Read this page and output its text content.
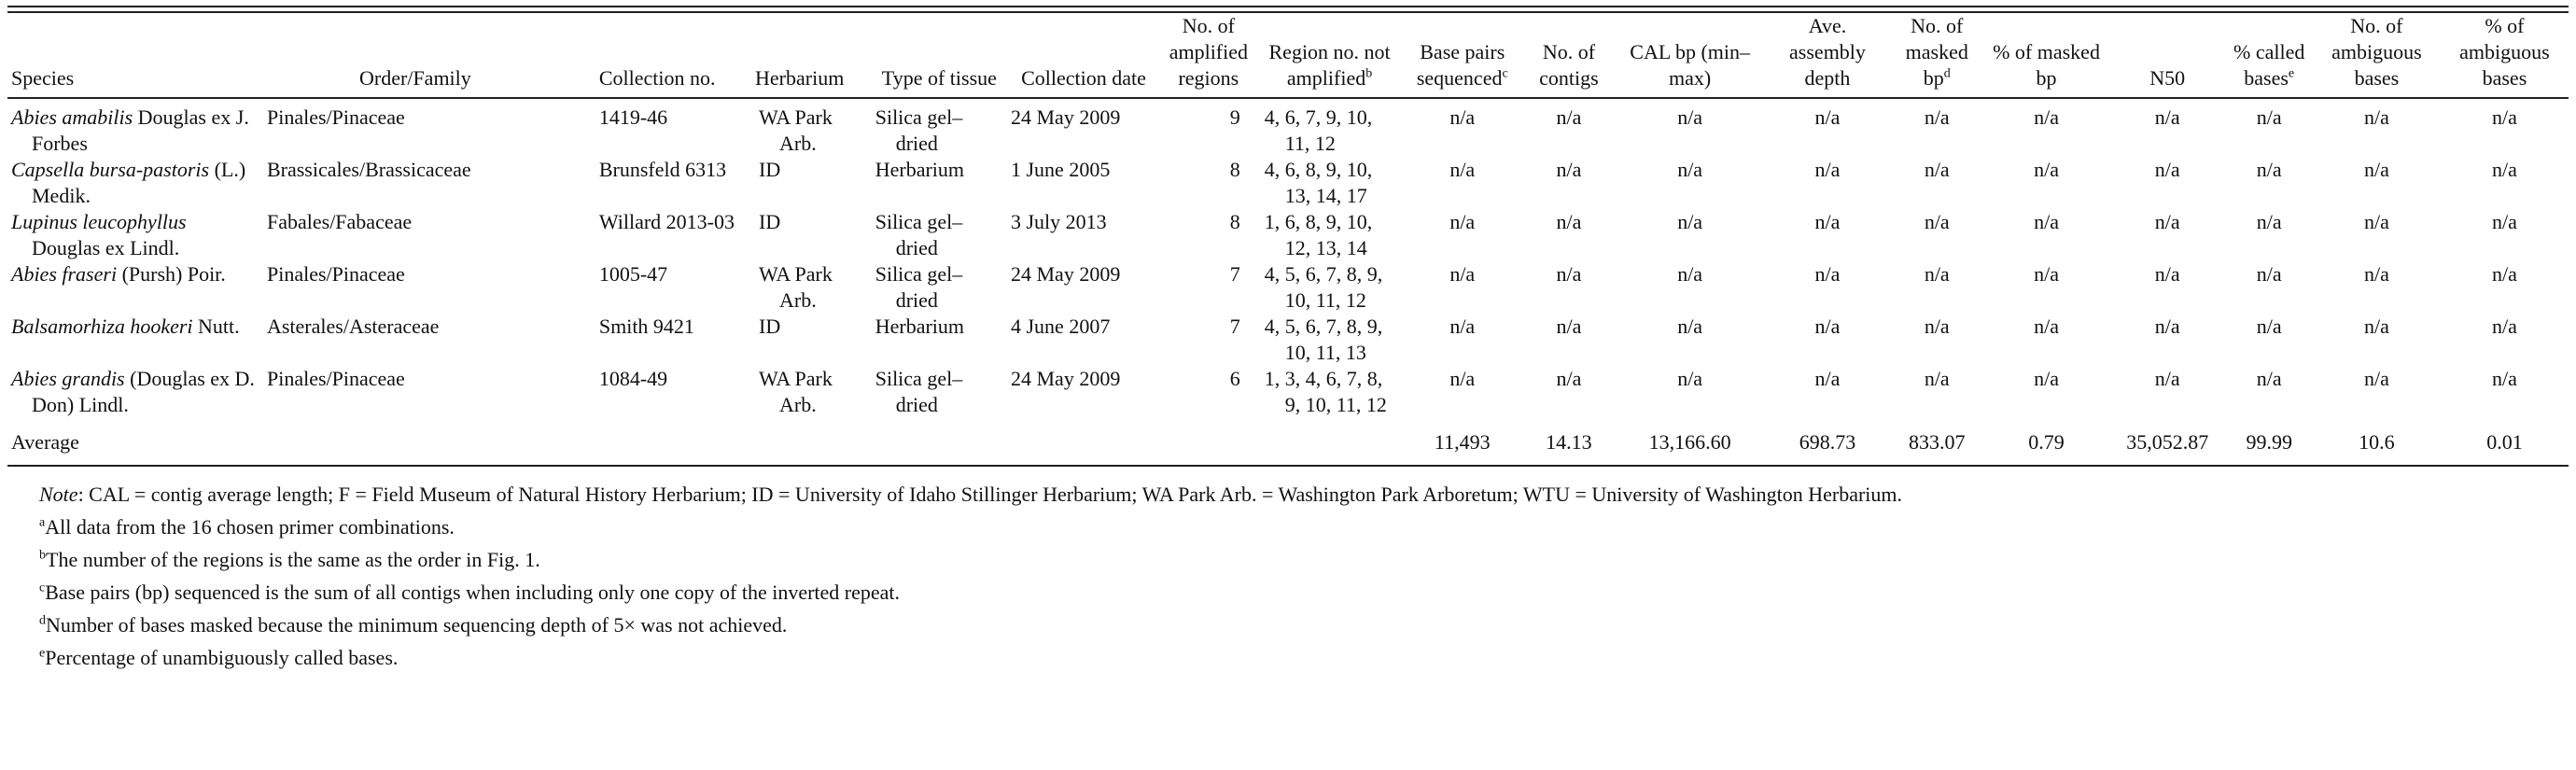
Species	Order/Family	Collection no.	Herbarium	Type of tissue	Collection date	No. of amplified regions	Region no. not amplified$^b$	Base pairs sequenced$^c$	No. of contigs	CAL bp (min–max)	Ave. assembly depth	No. of masked $bp^d$	% of masked bp	N50	% called bases$^e$	No. of ambiguous bases	% of ambiguous bases
Abies amabilis Douglas ex J. Forbes	Pinales/Pinaceae	1419-46	WA Park Arb.	Silica gel–dried	24 May 2009	9	4, 6, 7, 9, 10, 11, 12	n/a	n/a	n/a	n/a	n/a	n/a	n/a	n/a	n/a	n/a
Capsella bursa-pastoris (L.) Medik.	Brassicales/Brassicaceae	Brunsfeld 6313	ID	Herbarium	1 June 2005	8	4, 6, 8, 9, 10, 13, 14, 17	n/a	n/a	n/a	n/a	n/a	n/a	n/a	n/a	n/a	n/a
Lupinus leucophyllus Douglas ex Lindl.	Fabales/Fabaceae	Willard 2013-03	ID	Silica gel–dried	3 July 2013	8	1, 6, 8, 9, 10, 12, 13, 14	n/a	n/a	n/a	n/a	n/a	n/a	n/a	n/a	n/a	n/a
Abies fraseri (Pursh) Poir.	Pinales/Pinaceae	1005-47	WA Park Arb.	Silica gel–dried	24 May 2009	7	4, 5, 6, 7, 8, 9, 10, 11, 12	n/a	n/a	n/a	n/a	n/a	n/a	n/a	n/a	n/a	n/a
Balsamorhiza hookeri Nutt.	Asterales/Asteraceae	Smith 9421	ID	Herbarium	4 June 2007	7	4, 5, 6, 7, 8, 9, 10, 11, 13	n/a	n/a	n/a	n/a	n/a	n/a	n/a	n/a	n/a	n/a
Abies grandis (Douglas ex D. Don) Lindl.	Pinales/Pinaceae	1084-49	WA Park Arb.	Silica gel–dried	24 May 2009	6	1, 3, 4, 6, 7, 8, 9, 10, 11, 12	n/a	n/a	n/a	n/a	n/a	n/a	n/a	n/a	n/a	n/a
Average								11,493	14.13	13,166.60	698.73	833.07	0.79	35,052.87	99.99	10.6	0.01

Note: CAL = contig average length; F = Field Museum of Natural History Herbarium; ID = University of Idaho Stillinger Herbarium; WA Park Arb. = Washington Park Arboretum; WTU = University of Washington Herbarium.

$^a$All data from the 16 chosen primer combinations.

$^b$The number of the regions is the same as the order in Fig. 1.

$^c$Base pairs (bp) sequenced is the sum of all contigs when including only one copy of the inverted repeat.

$^d$Number of bases masked because the minimum sequencing depth of 5× was not achieved.

$^e$Percentage of unambiguously called bases.
